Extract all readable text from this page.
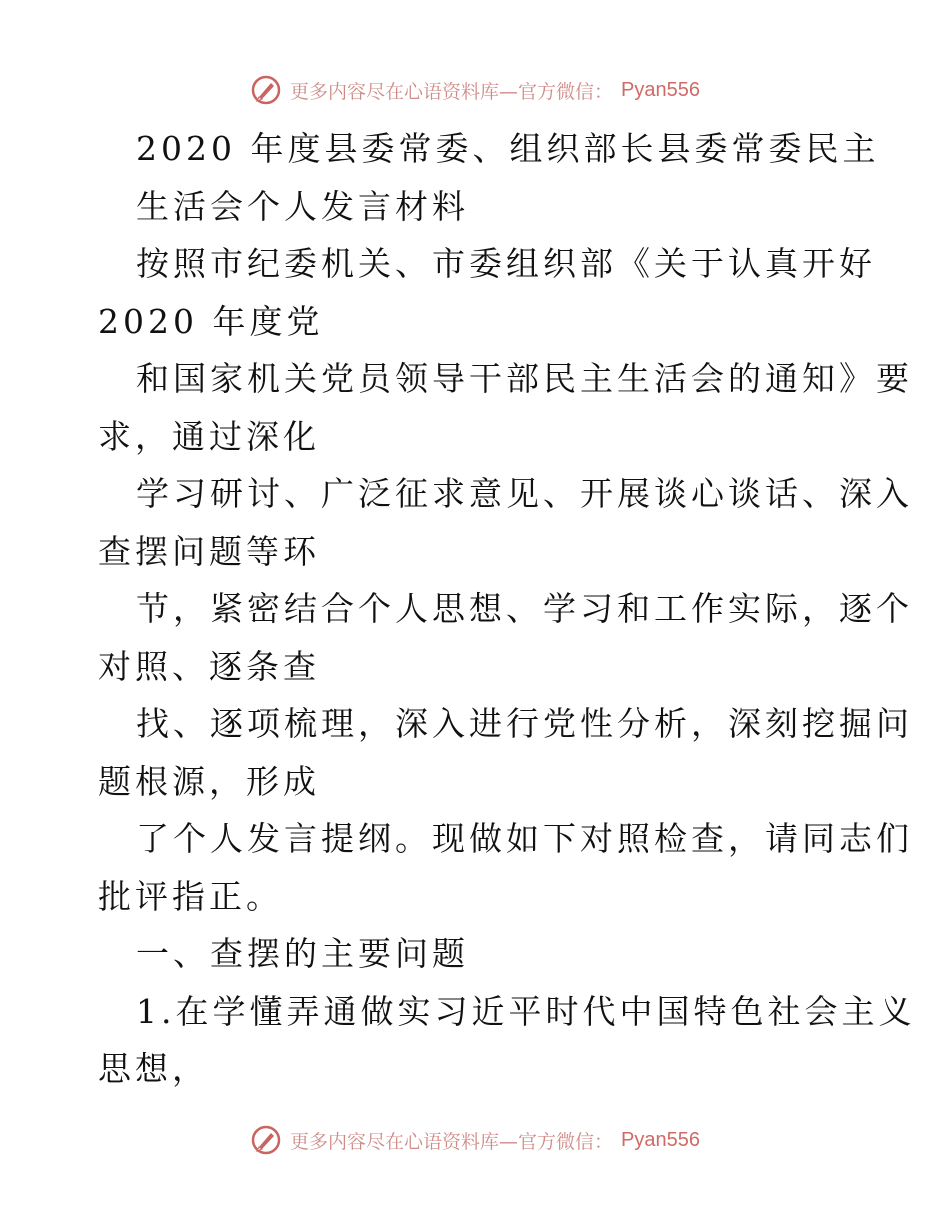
更多内容尽在心语资料库—官方微信： Pyan556
2020 年度县委常委、组织部长县委常委民主
生活会个人发言材料
按照市纪委机关、市委组织部《关于认真开好
2020 年度党
和国家机关党员领导干部民主生活会的通知》要
求，通过深化
学习研讨、广泛征求意见、开展谈心谈话、深入
查摆问题等环
节，紧密结合个人思想、学习和工作实际，逐个
对照、逐条查
找、逐项梳理，深入进行党性分析，深刻挖掘问
题根源，形成
了个人发言提纲。现做如下对照检查，请同志们
批评指正。
一、查摆的主要问题
1.在学懂弄通做实习近平时代中国特色社会主义
思想，
更多内容尽在心语资料库—官方微信： Pyan556
